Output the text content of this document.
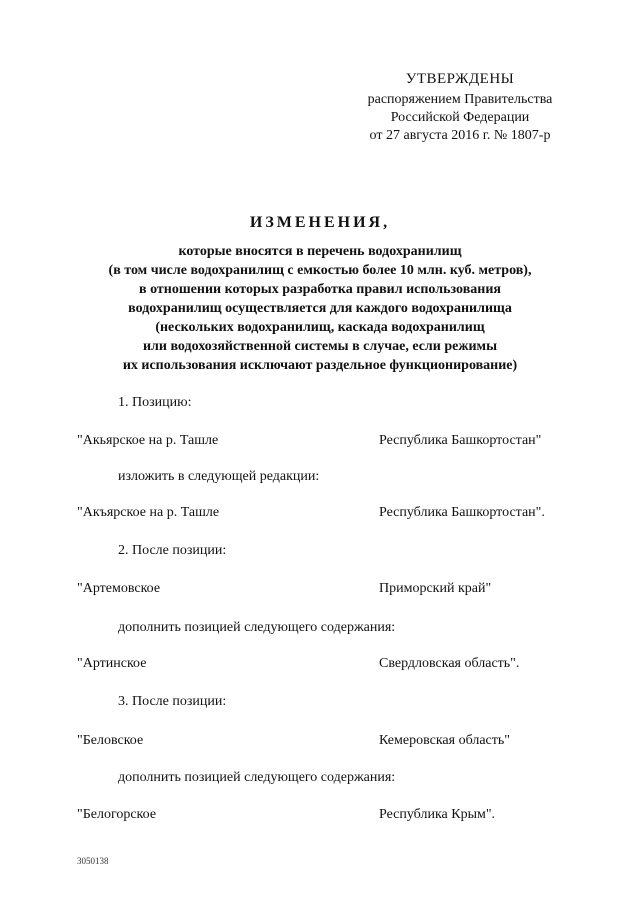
УТВЕРЖДЕНЫ
распоряжением Правительства
Российской Федерации
от 27 августа 2016 г. № 1807-р
ИЗМЕНЕНИЯ,
которые вносятся в перечень водохранилищ
(в том числе водохранилищ с емкостью более 10 млн. куб. метров),
в отношении которых разработка правил использования
водохранилищ осуществляется для каждого водохранилища
(нескольких водохранилищ, каскада водохранилищ
или водохозяйственной системы в случае, если режимы
их использования исключают раздельное функционирование)
1. Позицию:
"Акьярское на р. Ташле	Республика Башкортостан"
изложить в следующей редакции:
"Акъярское на р. Ташле	Республика Башкортостан".
2. После позиции:
"Артемовское	Приморский край"
дополнить позицией следующего содержания:
"Артинское	Свердловская область".
3. После позиции:
"Беловское	Кемеровская область"
дополнить позицией следующего содержания:
"Белогорское	Республика Крым".
3050138
